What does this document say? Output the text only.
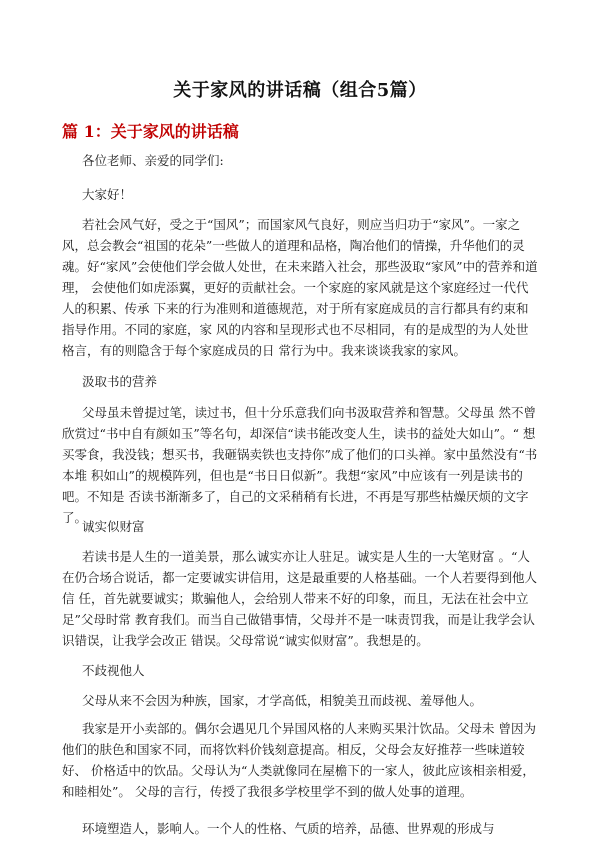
关于家风的讲话稿（组合5篇）
篇 1：关于家风的讲话稿
各位老师、亲爱的同学们:
大家好！
若社会风气好，受之于“国风”；而国家风气良好，则应当归功于“家风”。一家之风，总会教会“祖国的花朵”一些做人的道理和品格，陶冶他们的情操，升华他们的灵 魂。好“家风”会使他们学会做人处世，在未来踏入社会，那些汲取“家风”中的营养和道理， 会使他们如虎添翼，更好的贡献社会。一个家庭的家风就是这个家庭经过一代代人的积累、传承 下来的行为准则和道德规范，对于所有家庭成员的言行都具有约束和指导作用。不同的家庭，家 风的内容和呈现形式也不尽相同，有的是成型的为人处世格言，有的则隐含于每个家庭成员的日 常行为中。我来谈谈我家的家风。
汲取书的营养
父母虽未曾提过笔，读过书，但十分乐意我们向书汲取营养和智慧。父母虽 然不曾欣赏过“书中自有颜如玉”等名句，却深信“读书能改变人生，读书的益处大如山”。“ 想买零食，我没钱；想买书，我砸锅卖铁也支持你”成了他们的口头禅。家中虽然没有“书本堆 积如山”的规模阵列，但也是“书日日似新”。我想“家风”中应该有一列是读书的吧。不知是 否读书渐渐多了，自己的文采稍稍有长进，不再是写那些枯燥厌烦的文字了。
诚实似财富
若读书是人生的一道美景，那么诚实亦让人驻足。诚实是人生的一大笔财富 。“人在仍合场合说话，都一定要诚实讲信用，这是最重要的人格基础。一个人若要得到他人信 任，首先就要诚实；欺骗他人，会给别人带来不好的印象，而且，无法在社会中立足”父母时常 教育我们。而当自己做错事情，父母并不是一味责罚我，而是让我学会认识错误，让我学会改正 错误。父母常说“诚实似财富”。我想是的。
不歧视他人
父母从来不会因为种族，国家，才学高低，相貌美丑而歧视、羞辱他人。
我家是开小卖部的。偶尔会遇见几个异国风格的人来购买果汁饮品。父母未 曾因为他们的肤色和国家不同，而将饮料价钱刻意提高。相反，父母会友好推荐一些味道较好、 价格适中的饮品。父母认为“人类就像同在屋檐下的一家人，彼此应该相亲相爱，和睦相处”。 父母的言行，传授了我很多学校里学不到的做人处事的道理。
环境塑造人，影响人。一个人的性格、气质的培养，品德、世界观的形成与
